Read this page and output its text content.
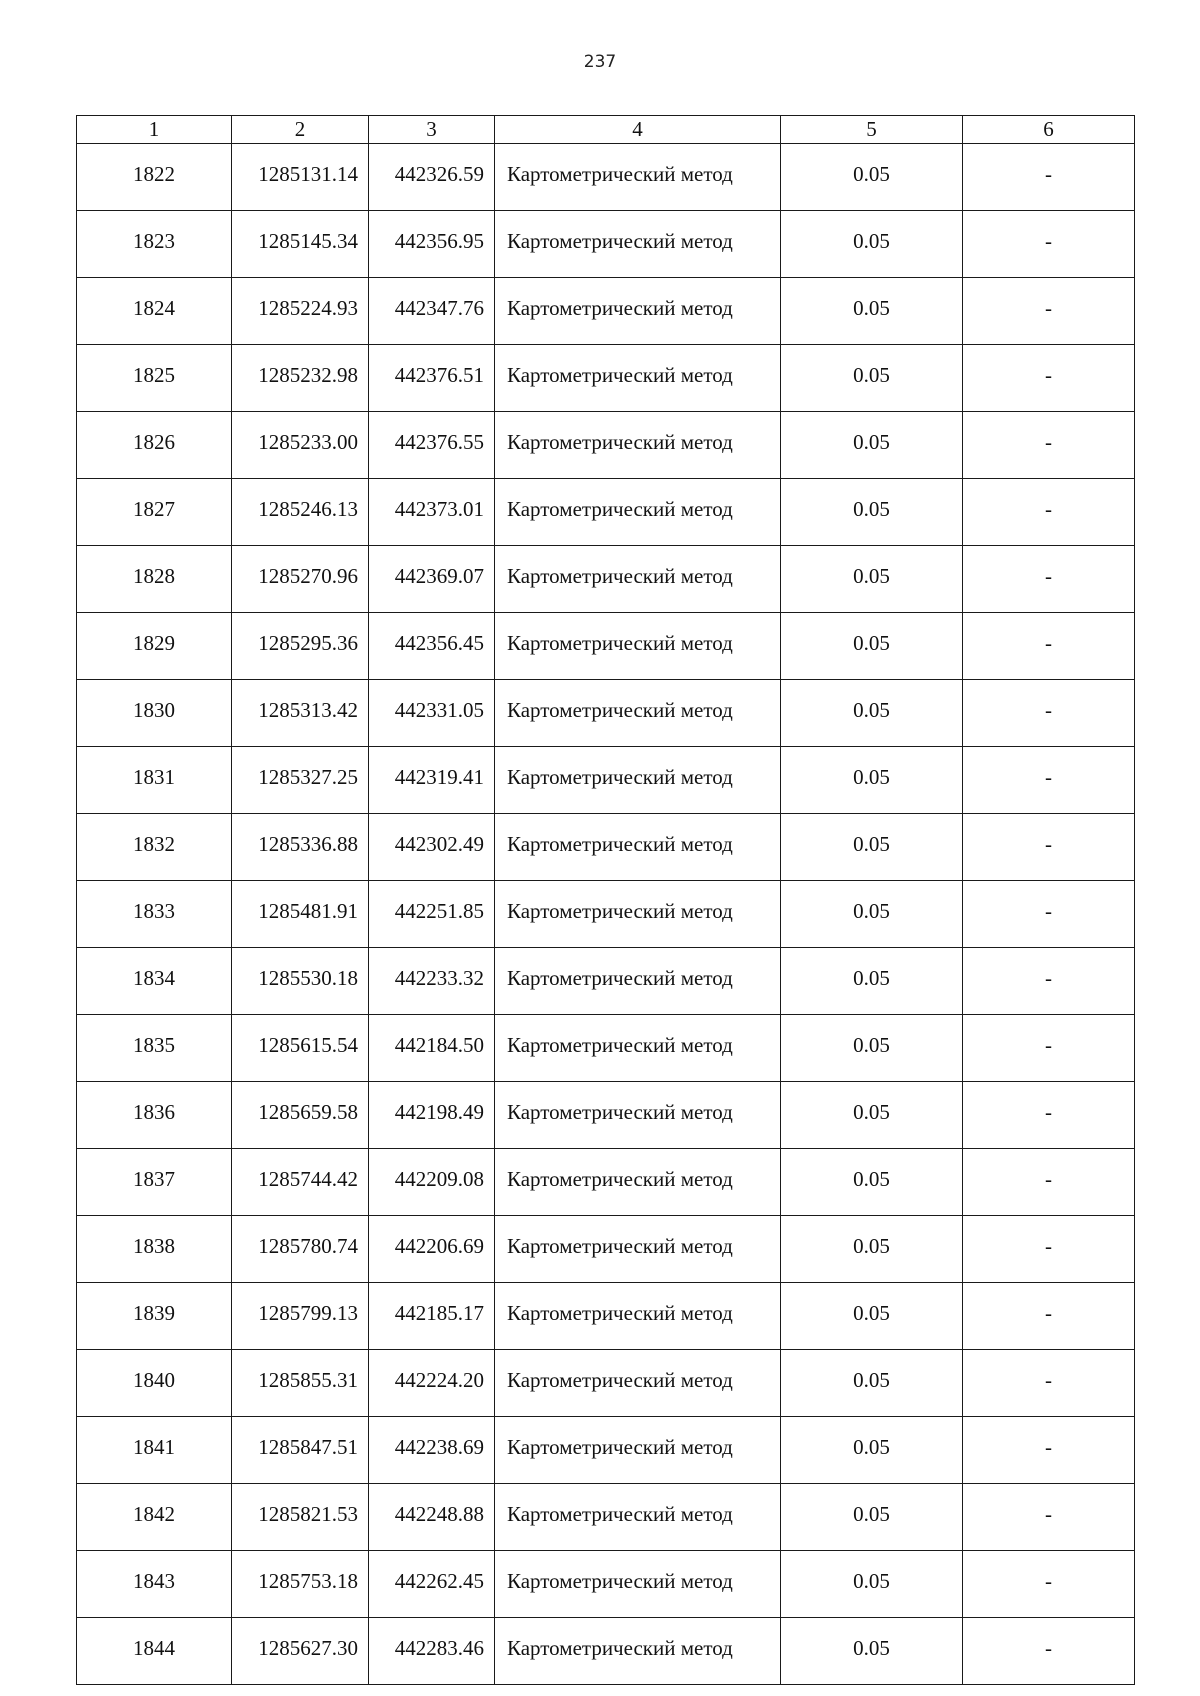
237
1	2	3	4	5	6
1822	1285131.14	442326.59	Картометрический метод	0.05	-
1823	1285145.34	442356.95	Картометрический метод	0.05	-
1824	1285224.93	442347.76	Картометрический метод	0.05	-
1825	1285232.98	442376.51	Картометрический метод	0.05	-
1826	1285233.00	442376.55	Картометрический метод	0.05	-
1827	1285246.13	442373.01	Картометрический метод	0.05	-
1828	1285270.96	442369.07	Картометрический метод	0.05	-
1829	1285295.36	442356.45	Картометрический метод	0.05	-
1830	1285313.42	442331.05	Картометрический метод	0.05	-
1831	1285327.25	442319.41	Картометрический метод	0.05	-
1832	1285336.88	442302.49	Картометрический метод	0.05	-
1833	1285481.91	442251.85	Картометрический метод	0.05	-
1834	1285530.18	442233.32	Картометрический метод	0.05	-
1835	1285615.54	442184.50	Картометрический метод	0.05	-
1836	1285659.58	442198.49	Картометрический метод	0.05	-
1837	1285744.42	442209.08	Картометрический метод	0.05	-
1838	1285780.74	442206.69	Картометрический метод	0.05	-
1839	1285799.13	442185.17	Картометрический метод	0.05	-
1840	1285855.31	442224.20	Картометрический метод	0.05	-
1841	1285847.51	442238.69	Картометрический метод	0.05	-
1842	1285821.53	442248.88	Картометрический метод	0.05	-
1843	1285753.18	442262.45	Картометрический метод	0.05	-
1844	1285627.30	442283.46	Картометрический метод	0.05	-
